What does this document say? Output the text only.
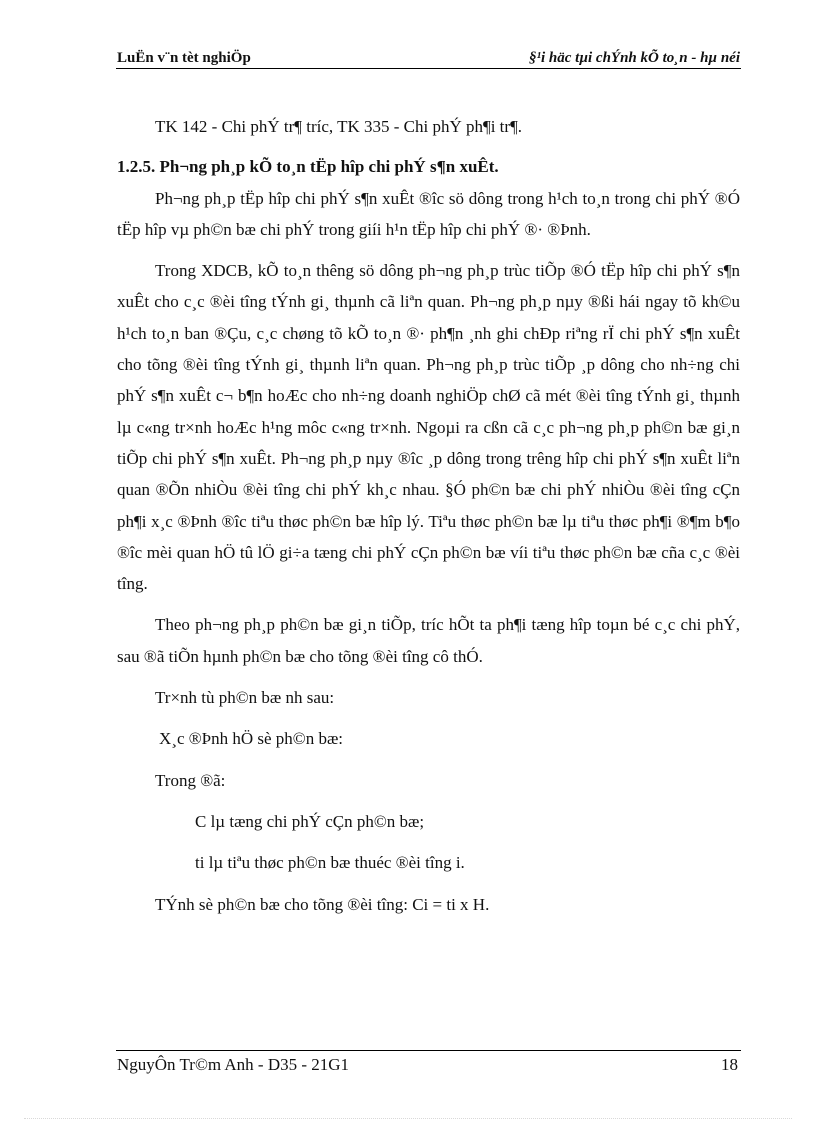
LuËn v¨n tèt nghiÖp	§¹i häc tµi chÝnh kÕ to¸n - hµ néi

TK 142 - Chi phÝ tr¶ tríc, TK 335 - Chi phÝ ph¶i tr¶.

1.2.5. Ph¬ng ph¸p kÕ to¸n tËp hîp chi phÝ s¶n xuÊt.

Ph¬ng ph¸p tËp hîp chi phÝ s¶n xuÊt ®îc sö dông trong h¹ch to¸n trong chi phÝ ®Ó tËp hîp vµ ph©n bæ chi phÝ trong giíi h¹n tËp hîp chi phÝ ®· ®Þnh.

Trong XDCB, kÕ to¸n thêng sö dông ph¬ng ph¸p trùc tiÕp ®Ó tËp hîp chi phÝ s¶n xuÊt cho c¸c ®èi tîng tÝnh gi¸ thµnh cã liªn quan. Ph¬ng ph¸p nµy ®ßi hái ngay tõ kh©u h¹ch to¸n ban ®Çu, c¸c chøng tõ kÕ to¸n ®· ph¶n ¸nh ghi chÐp riªng rÏ chi phÝ s¶n xuÊt cho tõng ®èi tîng tÝnh gi¸ thµnh liªn quan. Ph¬ng ph¸p trùc tiÕp ¸p dông cho nh÷ng chi phÝ s¶n xuÊt c¬ b¶n hoÆc cho nh÷ng doanh nghiÖp chØ cã mét ®èi tîng tÝnh gi¸ thµnh lµ c«ng tr×nh hoÆc h¹ng môc c«ng tr×nh. Ngoµi ra cßn cã c¸c ph¬ng ph¸p ph©n bæ gi¸n tiÕp chi phÝ s¶n xuÊt. Ph¬ng ph¸p nµy ®îc ¸p dông trong trêng hîp chi phÝ s¶n xuÊt liªn quan ®Õn nhiÒu ®èi tîng chi phÝ kh¸c nhau. §Ó ph©n bæ chi phÝ nhiÒu ®èi tîng cÇn ph¶i x¸c ®Þnh ®îc tiªu thøc ph©n bæ hîp lý. Tiªu thøc ph©n bæ lµ tiªu thøc ph¶i ®¶m b¶o ®îc mèi quan hÖ tû lÖ gi÷a tæng chi phÝ cÇn ph©n bæ víi tiªu thøc ph©n bæ cña c¸c ®èi tîng.

Theo ph¬ng ph¸p ph©n bæ gi¸n tiÕp, tríc hÕt ta ph¶i tæng hîp toµn bé c¸c chi phÝ, sau ®ã tiÕn hµnh ph©n bæ cho tõng ®èi tîng cô thÓ.

Tr×nh tù ph©n bæ nh sau:

X¸c ®Þnh hÖ sè ph©n bæ:

Trong ®ã:

C lµ tæng chi phÝ cÇn ph©n bæ;

ti lµ tiªu thøc ph©n bæ thuéc ®èi tîng i.

TÝnh sè ph©n bæ cho tõng ®èi tîng: Ci = ti x H.

NguyÔn Tr©m Anh - D35 - 21G1	18
